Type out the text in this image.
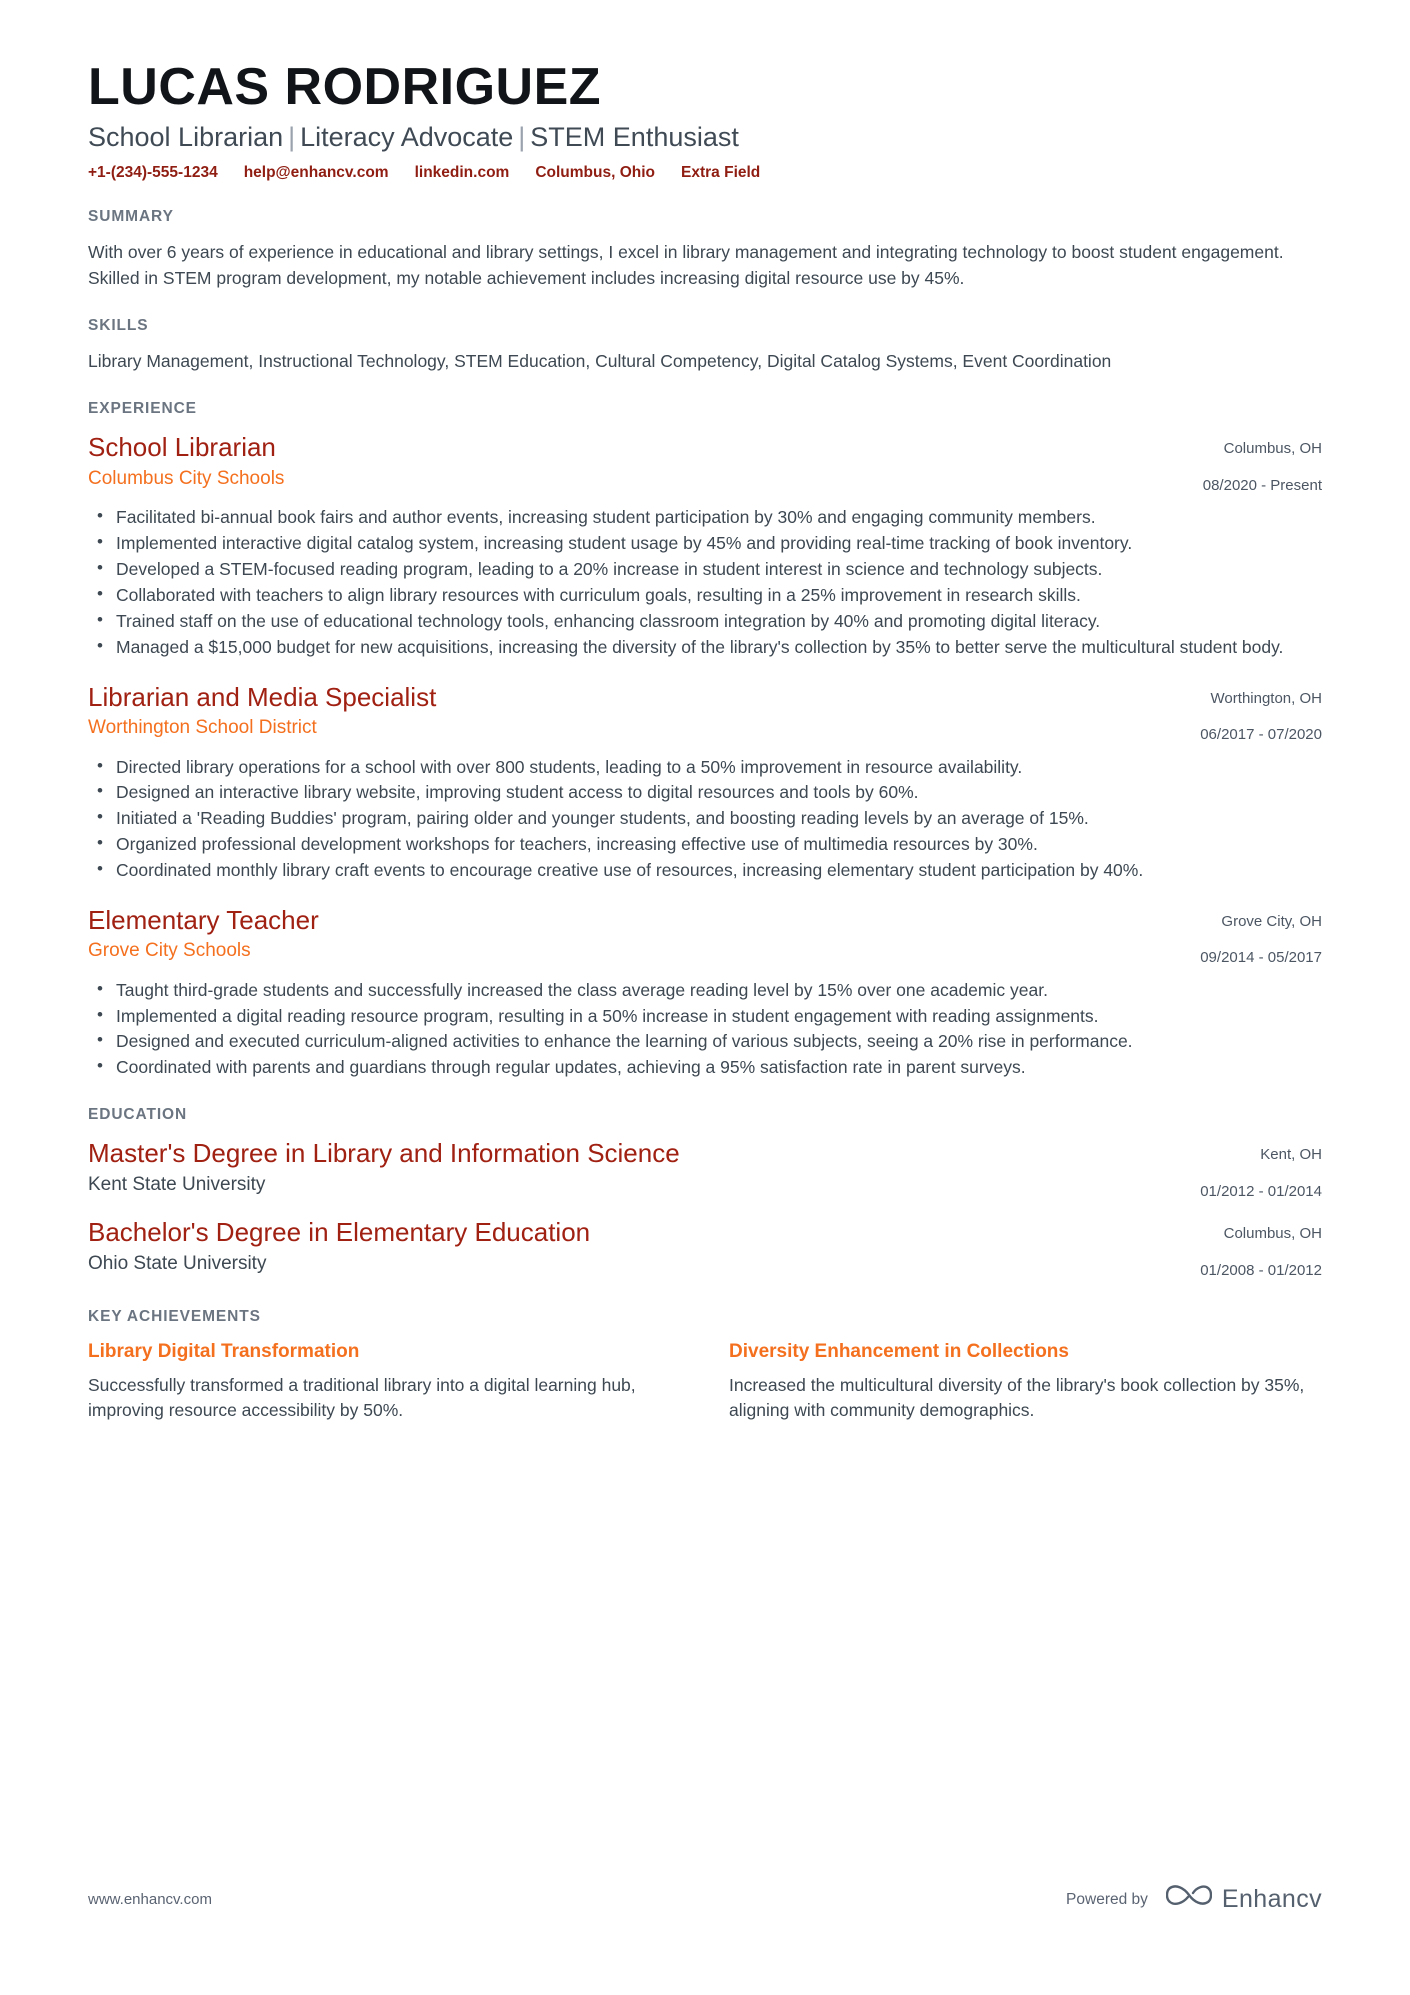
LUCAS RODRIGUEZ
School Librarian | Literacy Advocate | STEM Enthusiast
+1-(234)-555-1234 help@enhancv.com linkedin.com Columbus, Ohio Extra Field
SUMMARY

With over 6 years of experience in educational and library settings, I excel in library management and integrating technology to boost student engagement. Skilled in STEM program development, my notable achievement includes increasing digital resource use by 45%.

SKILLS

Library Management, Instructional Technology, STEM Education, Cultural Competency, Digital Catalog Systems, Event Coordination

EXPERIENCE
School Librarian
Columbus City Schools
Columbus, OH
08/2020 - Present
• Facilitated bi-annual book fairs and author events, increasing student participation by 30% and engaging community members.
• Implemented interactive digital catalog system, increasing student usage by 45% and providing real-time tracking of book inventory.
• Developed a STEM-focused reading program, leading to a 20% increase in student interest in science and technology subjects.
• Collaborated with teachers to align library resources with curriculum goals, resulting in a 25% improvement in research skills.
• Trained staff on the use of educational technology tools, enhancing classroom integration by 40% and promoting digital literacy.
• Managed a $15,000 budget for new acquisitions, increasing the diversity of the library's collection by 35% to better serve the multicultural student body.
Librarian and Media Specialist
Worthington School District
Worthington, OH
06/2017 - 07/2020
• Directed library operations for a school with over 800 students, leading to a 50% improvement in resource availability.
• Designed an interactive library website, improving student access to digital resources and tools by 60%.
• Initiated a 'Reading Buddies' program, pairing older and younger students, and boosting reading levels by an average of 15%.
• Organized professional development workshops for teachers, increasing effective use of multimedia resources by 30%.
• Coordinated monthly library craft events to encourage creative use of resources, increasing elementary student participation by 40%.
Elementary Teacher
Grove City Schools
Grove City, OH
09/2014 - 05/2017
• Taught third-grade students and successfully increased the class average reading level by 15% over one academic year.
• Implemented a digital reading resource program, resulting in a 50% increase in student engagement with reading assignments.
• Designed and executed curriculum-aligned activities to enhance the learning of various subjects, seeing a 20% rise in performance.
• Coordinated with parents and guardians through regular updates, achieving a 95% satisfaction rate in parent surveys.
EDUCATION
Master's Degree in Library and Information Science
Kent State University
Kent, OH
01/2012 - 01/2014
Bachelor's Degree in Elementary Education
Ohio State University
Columbus, OH
01/2008 - 01/2012
KEY ACHIEVEMENTS
Library Digital Transformation

Successfully transformed a traditional library into a digital learning hub, improving resource accessibility by 50%.

Diversity Enhancement in Collections

Increased the multicultural diversity of the library's book collection by 35%, aligning with community demographics.

www.enhancv.com	Powered by	Enhancv
